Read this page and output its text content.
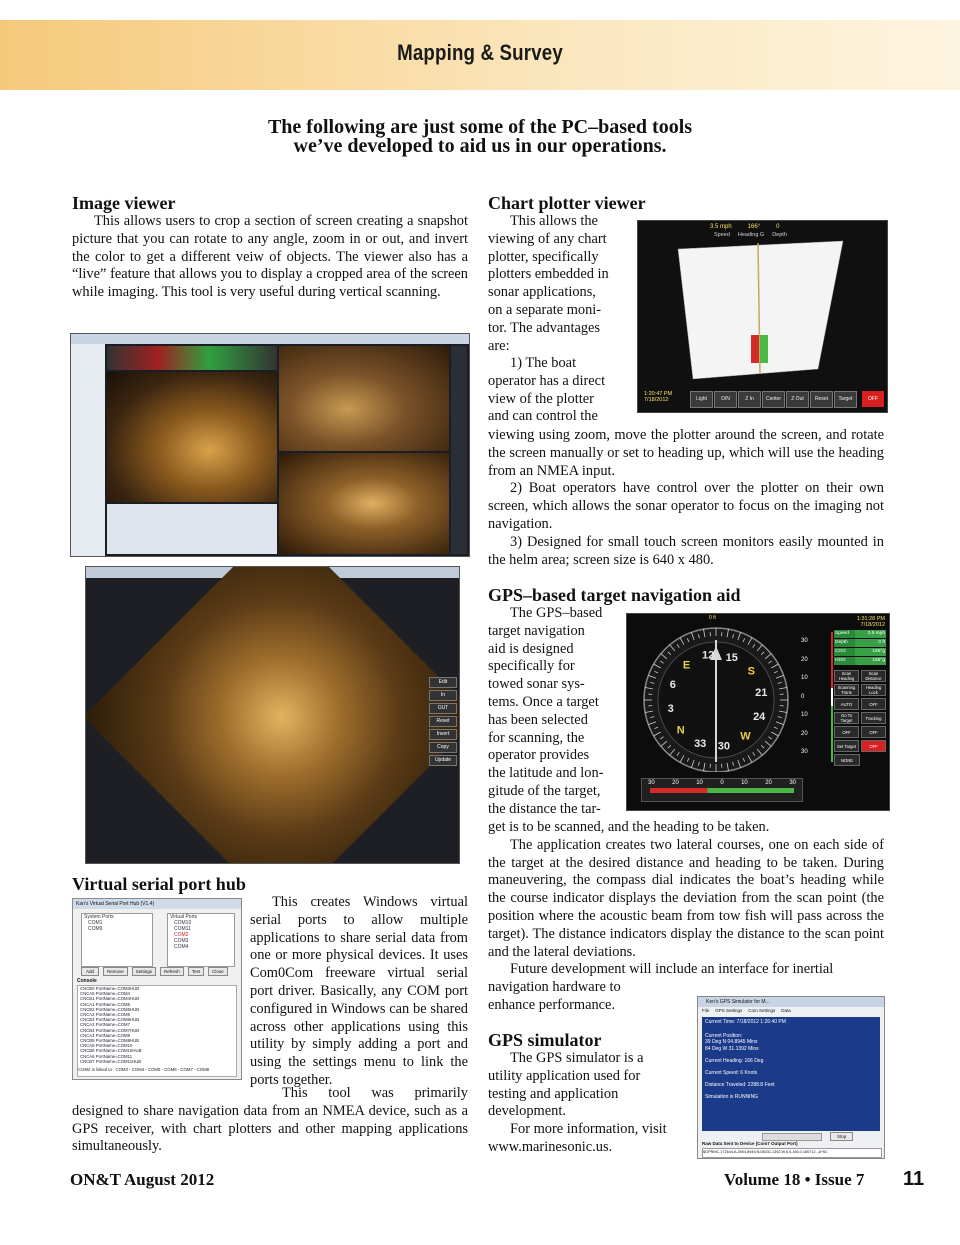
Mapping & Survey
The following are just some of the PC–based tools
we’ve developed to aid us in our operations.
Image viewer

This allows users to crop a section of screen creating a snapshot picture that you can rotate to any angle, zoom in or out, and invert the color to get a different veiw of objects. The viewer also has a “live” feature that allows you to display a cropped area of the screen while imaging. This tool is very useful during vertical scanning.

Edit
In
OUT
Reset
Invert
Copy
Update
Virtual serial port hub
Kan's Virtual Serial Port Hub (V1.4)
System Ports
COM1
COM9
Virtual Ports
COM10
COM11
COM2
COM3
COM4
Add	Remove	Settings	Refresh	Test	Close
Console
CNCB0 PortName=COM3HUB
CNCA0 PortName=COM4
CNCB1 PortName=COM4HUB
CNCA1 PortName=COM5
CNCB2 PortName=COM5HUB
CNCA2 PortName=COM6
CNCB3 PortName=COM6HUB
CNCA3 PortName=COM7
CNCB4 PortName=COM7HUB
CNCA4 PortName=COM8
CNCB5 PortName=COM8HUB
CNCA5 PortName=COM10
CNCB6 PortName=COM10HUB
CNCA6 PortName=COM11
CNCB7 PortName=COM11HUB
COM2 is linked to : COM3 - COM4 - COM5 - COM6 - COM7 - COM8

This creates Windows virtual serial ports to allow multiple applications to share serial data from one or more physical devices. It uses Com0Com freeware virtual serial port driver. Basically, any COM port configured in Windows can be shared across other applications using this utility by simply adding a port and using the settings menu to link the ports together.

This tool was primarily designed to share navigation data from an NMEA device, such as a GPS receiver, with chart plotters and other mapping applications simultaneously.

Chart plotter viewer
This allows the
viewing of any chart
plotter, specifically
plotters embedded in
sonar applications,
on a separate moni-
tor. The advantages
are:
1) The boat
operator has a direct
view of the plotter
and can control the
viewing using zoom, move the plotter around the screen, and rotate the screen manually or set to heading up, which will use the heading from an NMEA input.

2) Boat operators have control over the plotter on their own screen, which allows the sonar operator to focus on the imaging not navigation.

3) Designed for small touch screen monitors easily mounted in the helm area; screen size is 640 x 480.

3.5 mph	166°	0
Speed Heading G Depth
1:20:47 PM
7/18/2012	Light	D/N	Z In	Center	Z Out	Reset	Target	OFF
GPS–based target navigation aid
The GPS–based
target navigation
aid is designed
specifically for
towed sonar sys-
tems. Once a target
has been selected
for scanning, the
operator provides
the latitude and lon-
gitude of the target,
the distance the tar-
get is to be scanned, and the heading to be taken.

The application creates two lateral courses, one on each side of the target at the desired distance and heading to be taken. During maneuvering, the compass dial indicates the boat’s heading while the course indicator displays the deviation from the scan point (the position where the acoustic beam from tow fish will pass across the target). The distance indicators display the distance to the scan point and the lateral deviations.

Future development will include an interface for inertial
navigation hardware to
enhance performance.
0 ft
15
S
21
24
W
30
33
N
3
6
E
12
30
20
10
0
10
20
30
30	20	10	0	10	20	30
1:31:28 PM
7/18/2012
Speed	3.5 mph
Depth	0 ft
COG	166°g
HDG	166°g
Scan Heading
Scan Distance
Scanning Trans
Heading Lock
AUTO	OFF
Go To Target	Tracking
OFF	OFF
Set Target	OFF
NONE
GPS simulator
The GPS simulator is a
utility application used for
testing and application
development.
For more information, visit
www.marinesonic.us.
Ken's GPS Simulator for M...
File GPS Settings Com Settings Data
Current Time: 7/18/2012 1:26:40 PM
Current Position:
39 Deg N 04.8945 Mins
84 Deg W 31.1392 Mins
Current Heading: 166 Deg
Current Speed: 6 Knots
Distance Traveled: 2288.8 Feet
Simulation is RUNNING
Stop
Raw Data Sent to Device [Com7 Output Port]
$GPRMC,172644,A,3904.8945,N,08431.1392,W,6.0,166.0,180712,,,A*5C
ON&T August 2012	Volume 18 • Issue 7 11
